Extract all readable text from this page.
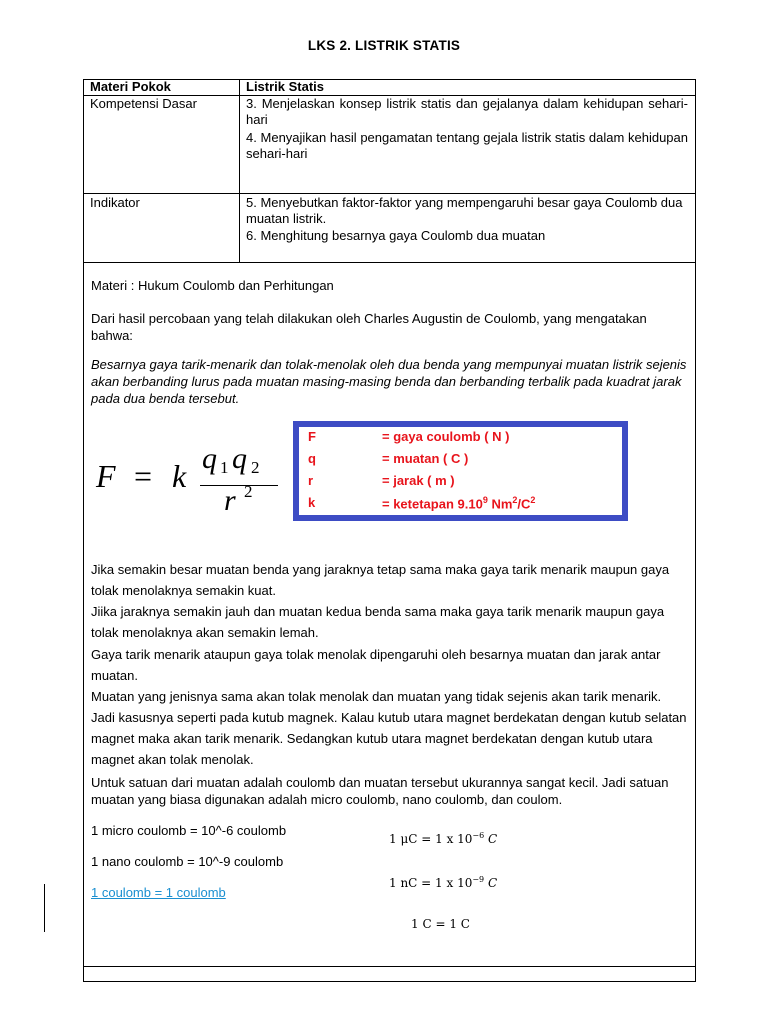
LKS 2. LISTRIK STATIS
Materi Pokok	Listrik Statis
Kompetensi Dasar	3. Menjelaskan konsep listrik statis dan gejalanya dalam kehidupan sehari-hari
4. Menyajikan hasil pengamatan tentang gejala listrik statis dalam kehidupan sehari-hari
Indikator	5. Menyebutkan faktor-faktor yang mempengaruhi besar gaya Coulomb dua muatan listrik.
6. Menghitung besarnya gaya Coulomb dua muatan
Materi : Hukum Coulomb dan Perhitungan
Dari hasil percobaan yang telah dilakukan oleh Charles Augustin de Coulomb, yang mengatakan bahwa:
Besarnya gaya tarik-menarik dan tolak-menolak oleh dua benda yang mempunyai muatan listrik sejenis akan berbanding lurus pada muatan masing-masing benda dan berbanding terbalik pada kuadrat jarak pada dua benda tersebut.
F = k q 1 q 2
r 2
F	= gaya coulomb ( N )
q	= muatan ( C )
r	= jarak ( m )
k	= ketetapan 9.10$^9$ $Nm^2/C^2$
Jika semakin besar muatan benda yang jaraknya tetap sama maka gaya tarik menarik maupun gaya tolak menolaknya semakin kuat.
Jiika jaraknya semakin jauh dan muatan kedua benda sama maka gaya tarik menarik maupun gaya tolak menolaknya akan semakin lemah.
Gaya tarik menarik ataupun gaya tolak menolak dipengaruhi oleh besarnya muatan dan jarak antar muatan.
Muatan yang jenisnya sama akan tolak menolak dan muatan yang tidak sejenis akan tarik menarik. Jadi kasusnya seperti pada kutub magnek. Kalau kutub utara magnet berdekatan dengan kutub selatan magnet maka akan tarik menarik. Sedangkan kutub utara magnet berdekatan dengan kutub utara magnet akan tolak menolak.
Untuk satuan dari muatan adalah coulomb dan muatan tersebut ukurannya sangat kecil. Jadi satuan muatan yang biasa digunakan adalah micro coulomb, nano coulomb, dan coulom.
1 micro coulomb = 10^-6 coulomb
1 nano coulomb = 10^-9 coulomb
1 coulomb = 1 coulomb
1 μC = 1 x $10^{-6}$ C
1 nC = 1 x $10^{-9}$ C
1 C = 1 C
